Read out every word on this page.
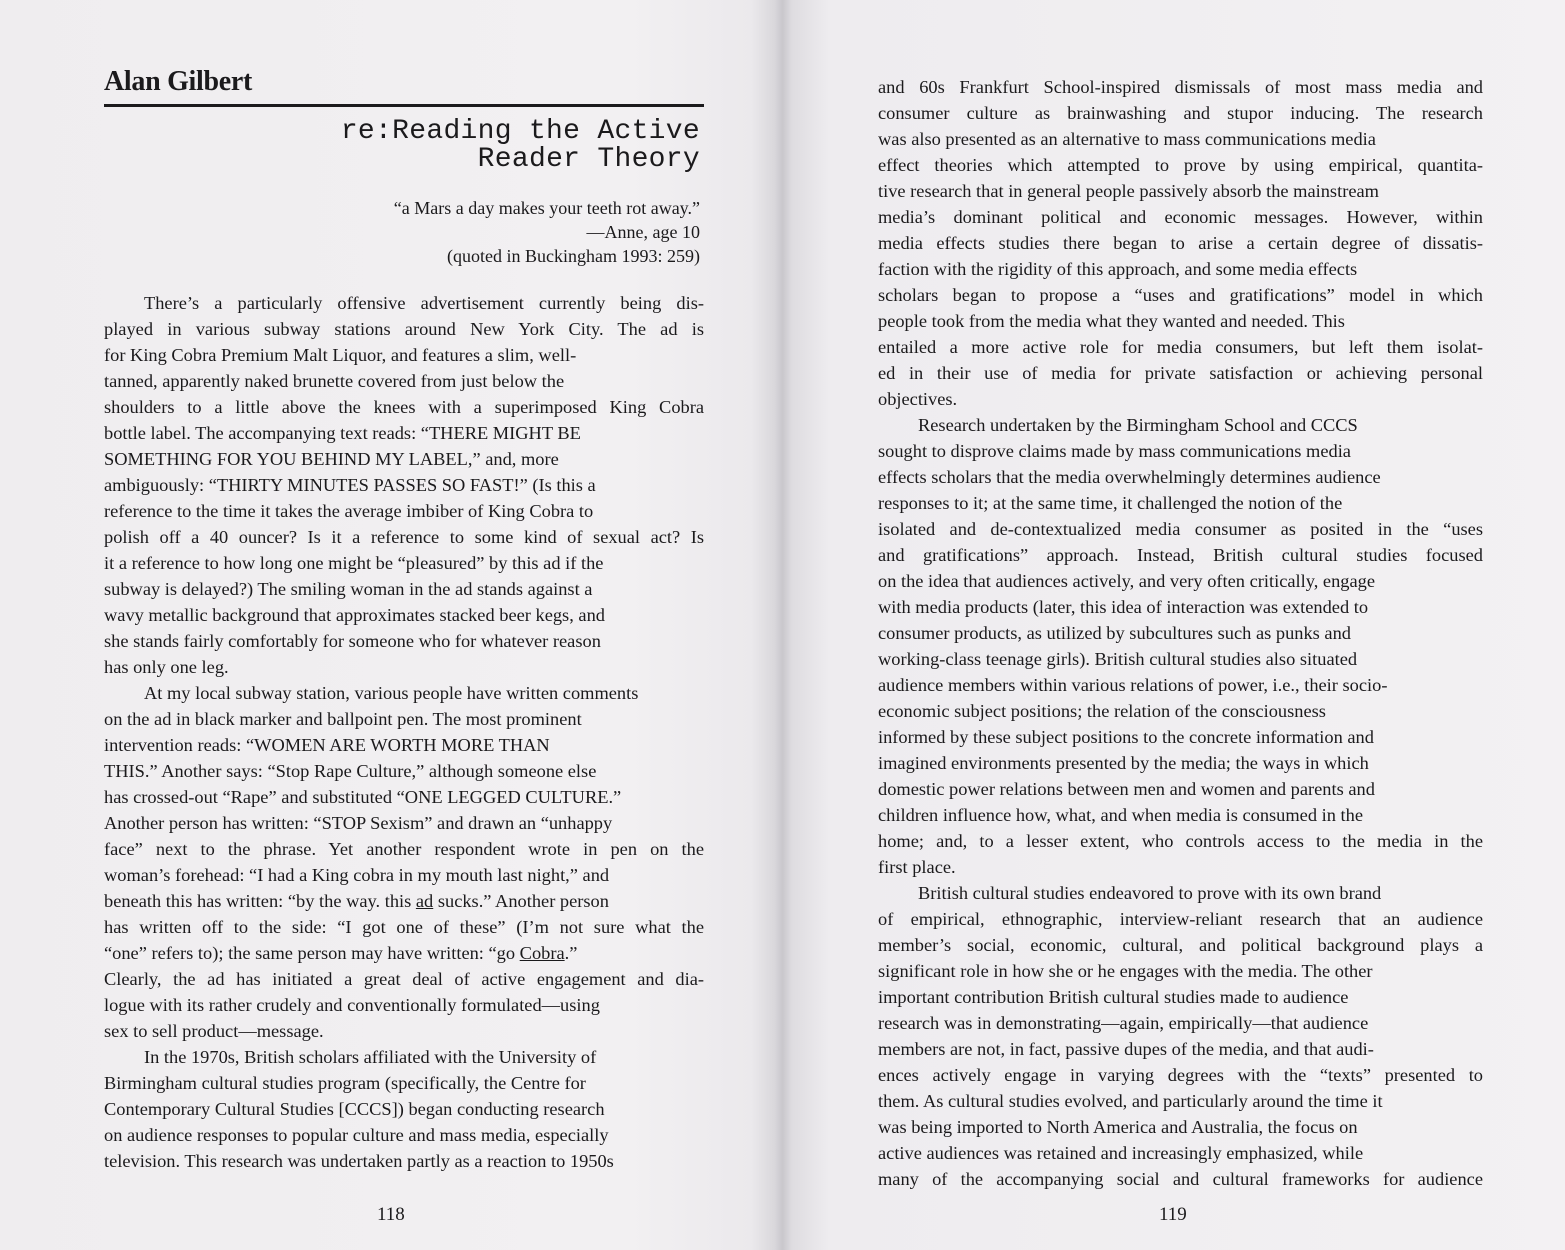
Alan Gilbert
re:Reading the Active
Reader Theory
“a Mars a day makes your teeth rot away.”
—Anne, age 10
(quoted in Buckingham 1993: 259)
There’s a particularly offensive advertisement currently being dis-
played in various subway stations around New York City. The ad is
for King Cobra Premium Malt Liquor, and features a slim, well-
tanned, apparently naked brunette covered from just below the
shoulders to a little above the knees with a superimposed King Cobra
bottle label. The accompanying text reads: “THERE MIGHT BE
SOMETHING FOR YOU BEHIND MY LABEL,” and, more
ambiguously: “THIRTY MINUTES PASSES SO FAST!” (Is this a
reference to the time it takes the average imbiber of King Cobra to
polish off a 40 ouncer? Is it a reference to some kind of sexual act? Is
it a reference to how long one might be “pleasured” by this ad if the
subway is delayed?) The smiling woman in the ad stands against a
wavy metallic background that approximates stacked beer kegs, and
she stands fairly comfortably for someone who for whatever reason
has only one leg.
At my local subway station, various people have written comments
on the ad in black marker and ballpoint pen. The most prominent
intervention reads: “WOMEN ARE WORTH MORE THAN
THIS.” Another says: “Stop Rape Culture,” although someone else
has crossed-out “Rape” and substituted “ONE LEGGED CULTURE.”
Another person has written: “STOP Sexism” and drawn an “unhappy
face” next to the phrase. Yet another respondent wrote in pen on the
woman’s forehead: “I had a King cobra in my mouth last night,” and
beneath this has written: “by the way. this ad sucks.” Another person
has written off to the side: “I got one of these” (I’m not sure what the
“one” refers to); the same person may have written: “go Cobra.”
Clearly, the ad has initiated a great deal of active engagement and dia-
logue with its rather crudely and conventionally formulated—using
sex to sell product—message.
In the 1970s, British scholars affiliated with the University of
Birmingham cultural studies program (specifically, the Centre for
Contemporary Cultural Studies [CCCS]) began conducting research
on audience responses to popular culture and mass media, especially
television. This research was undertaken partly as a reaction to 1950s
118
and 60s Frankfurt School-inspired dismissals of most mass media and
consumer culture as brainwashing and stupor inducing. The research
was also presented as an alternative to mass communications media
effect theories which attempted to prove by using empirical, quantita-
tive research that in general people passively absorb the mainstream
media’s dominant political and economic messages. However, within
media effects studies there began to arise a certain degree of dissatis-
faction with the rigidity of this approach, and some media effects
scholars began to propose a “uses and gratifications” model in which
people took from the media what they wanted and needed. This
entailed a more active role for media consumers, but left them isolat-
ed in their use of media for private satisfaction or achieving personal
objectives.
Research undertaken by the Birmingham School and CCCS
sought to disprove claims made by mass communications media
effects scholars that the media overwhelmingly determines audience
responses to it; at the same time, it challenged the notion of the
isolated and de-contextualized media consumer as posited in the “uses
and gratifications” approach. Instead, British cultural studies focused
on the idea that audiences actively, and very often critically, engage
with media products (later, this idea of interaction was extended to
consumer products, as utilized by subcultures such as punks and
working-class teenage girls). British cultural studies also situated
audience members within various relations of power, i.e., their socio-
economic subject positions; the relation of the consciousness
informed by these subject positions to the concrete information and
imagined environments presented by the media; the ways in which
domestic power relations between men and women and parents and
children influence how, what, and when media is consumed in the
home; and, to a lesser extent, who controls access to the media in the
first place.
British cultural studies endeavored to prove with its own brand
of empirical, ethnographic, interview-reliant research that an audience
member’s social, economic, cultural, and political background plays a
significant role in how she or he engages with the media. The other
important contribution British cultural studies made to audience
research was in demonstrating—again, empirically—that audience
members are not, in fact, passive dupes of the media, and that audi-
ences actively engage in varying degrees with the “texts” presented to
them. As cultural studies evolved, and particularly around the time it
was being imported to North America and Australia, the focus on
active audiences was retained and increasingly emphasized, while
many of the accompanying social and cultural frameworks for audience
119
